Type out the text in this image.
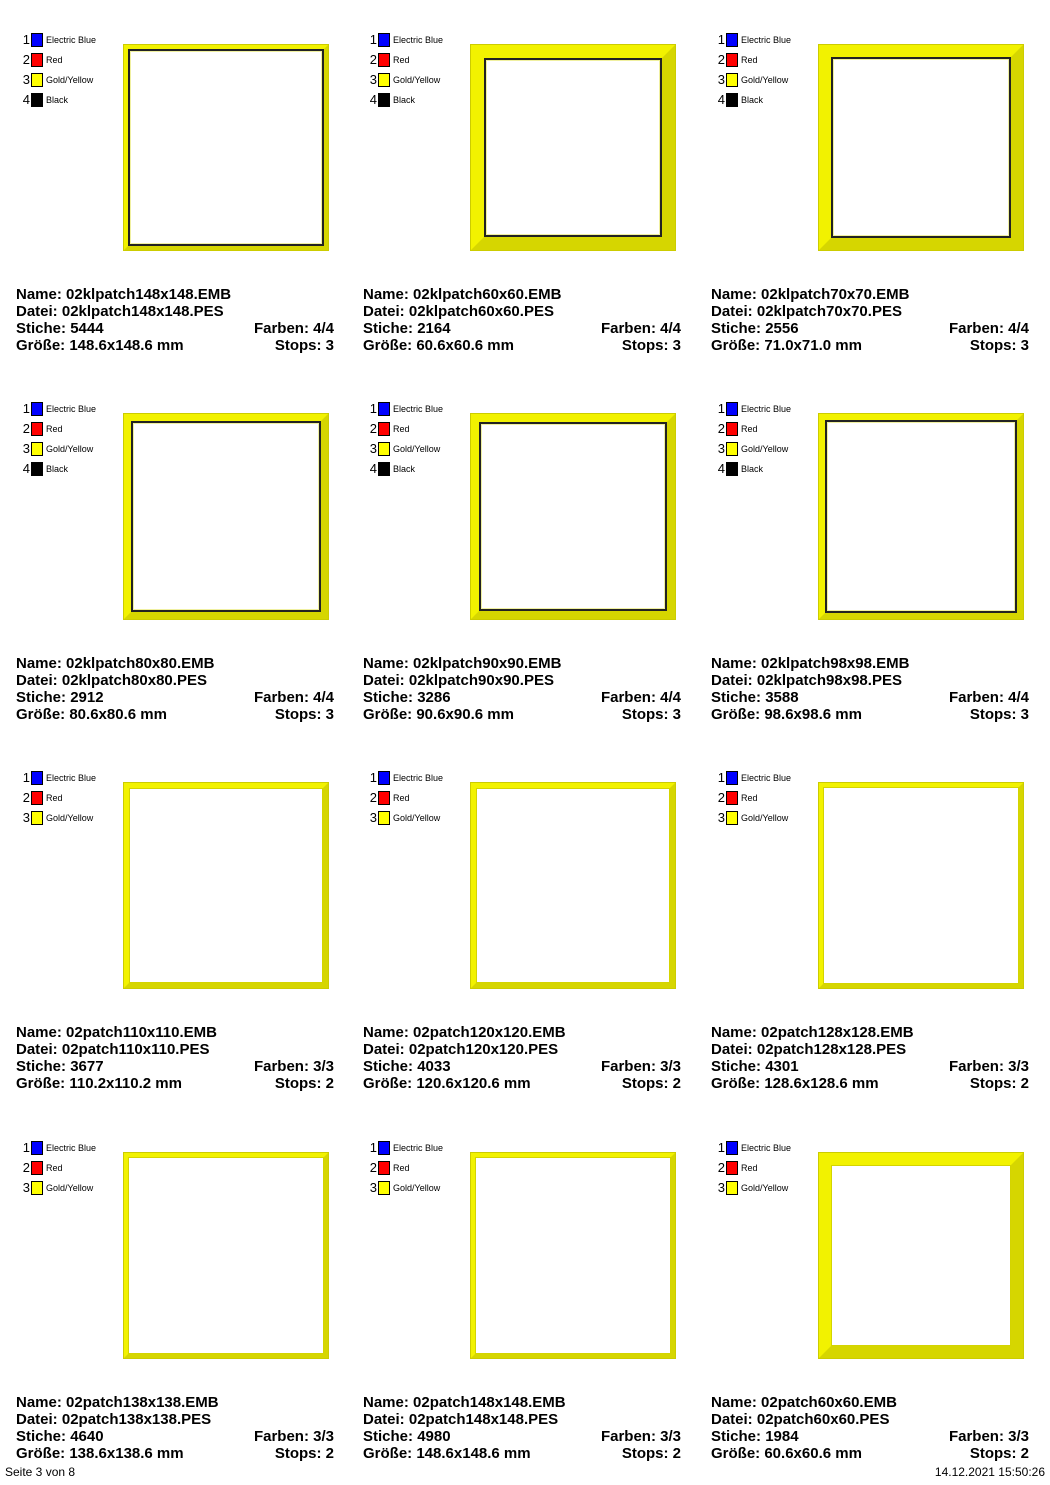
1 Electric Blue
2 Red
3 Gold/Yellow
4 Black
Name: 02klpatch148x148.EMB
Datei: 02klpatch148x148.PES
Stiche: 5444	Farben: 4/4
Größe: 148.6x148.6 mm	Stops: 3
1 Electric Blue
2 Red
3 Gold/Yellow
4 Black
Name: 02klpatch60x60.EMB
Datei: 02klpatch60x60.PES
Stiche: 2164	Farben: 4/4
Größe: 60.6x60.6 mm	Stops: 3
1 Electric Blue
2 Red
3 Gold/Yellow
4 Black
Name: 02klpatch70x70.EMB
Datei: 02klpatch70x70.PES
Stiche: 2556	Farben: 4/4
Größe: 71.0x71.0 mm	Stops: 3
1 Electric Blue
2 Red
3 Gold/Yellow
4 Black
Name: 02klpatch80x80.EMB
Datei: 02klpatch80x80.PES
Stiche: 2912	Farben: 4/4
Größe: 80.6x80.6 mm	Stops: 3
1 Electric Blue
2 Red
3 Gold/Yellow
4 Black
Name: 02klpatch90x90.EMB
Datei: 02klpatch90x90.PES
Stiche: 3286	Farben: 4/4
Größe: 90.6x90.6 mm	Stops: 3
1 Electric Blue
2 Red
3 Gold/Yellow
4 Black
Name: 02klpatch98x98.EMB
Datei: 02klpatch98x98.PES
Stiche: 3588	Farben: 4/4
Größe: 98.6x98.6 mm	Stops: 3
1 Electric Blue
2 Red
3 Gold/Yellow
Name: 02patch110x110.EMB
Datei: 02patch110x110.PES
Stiche: 3677	Farben: 3/3
Größe: 110.2x110.2 mm	Stops: 2
1 Electric Blue
2 Red
3 Gold/Yellow
Name: 02patch120x120.EMB
Datei: 02patch120x120.PES
Stiche: 4033	Farben: 3/3
Größe: 120.6x120.6 mm	Stops: 2
1 Electric Blue
2 Red
3 Gold/Yellow
Name: 02patch128x128.EMB
Datei: 02patch128x128.PES
Stiche: 4301	Farben: 3/3
Größe: 128.6x128.6 mm	Stops: 2
1 Electric Blue
2 Red
3 Gold/Yellow
Name: 02patch138x138.EMB
Datei: 02patch138x138.PES
Stiche: 4640	Farben: 3/3
Größe: 138.6x138.6 mm	Stops: 2
1 Electric Blue
2 Red
3 Gold/Yellow
Name: 02patch148x148.EMB
Datei: 02patch148x148.PES
Stiche: 4980	Farben: 3/3
Größe: 148.6x148.6 mm	Stops: 2
1 Electric Blue
2 Red
3 Gold/Yellow
Name: 02patch60x60.EMB
Datei: 02patch60x60.PES
Stiche: 1984	Farben: 3/3
Größe: 60.6x60.6 mm	Stops: 2
Seite 3 von 8	14.12.2021 15:50:26
